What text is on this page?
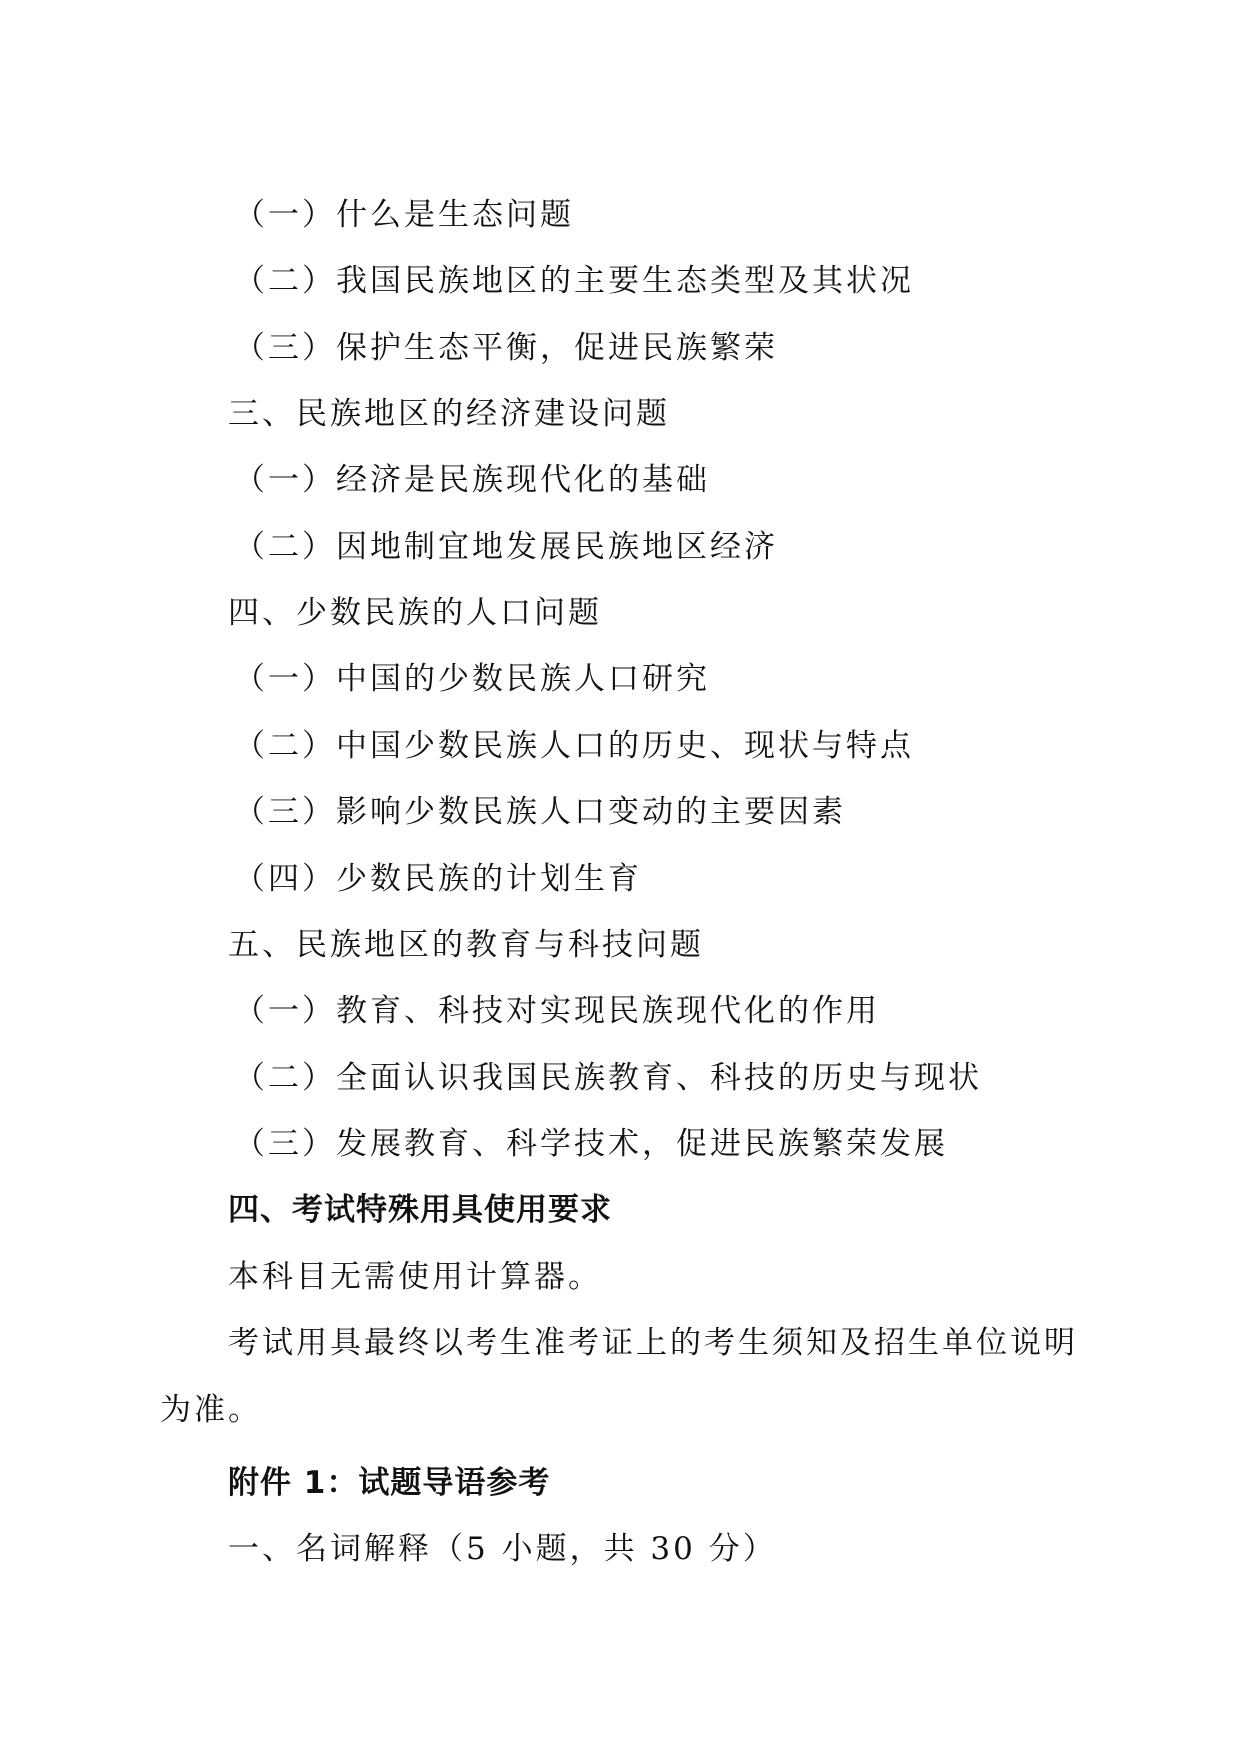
（一）什么是生态问题
（二）我国民族地区的主要生态类型及其状况
（三）保护生态平衡，促进民族繁荣
三、民族地区的经济建设问题
（一）经济是民族现代化的基础
（二）因地制宜地发展民族地区经济
四、少数民族的人口问题
（一）中国的少数民族人口研究
（二）中国少数民族人口的历史、现状与特点
（三）影响少数民族人口变动的主要因素
（四）少数民族的计划生育
五、民族地区的教育与科技问题
（一）教育、科技对实现民族现代化的作用
（二）全面认识我国民族教育、科技的历史与现状
（三）发展教育、科学技术，促进民族繁荣发展
四、考试特殊用具使用要求
本科目无需使用计算器。
考试用具最终以考生准考证上的考生须知及招生单位说明
为准。
附件 1：试题导语参考
一、名词解释（5 小题，共 30 分）
